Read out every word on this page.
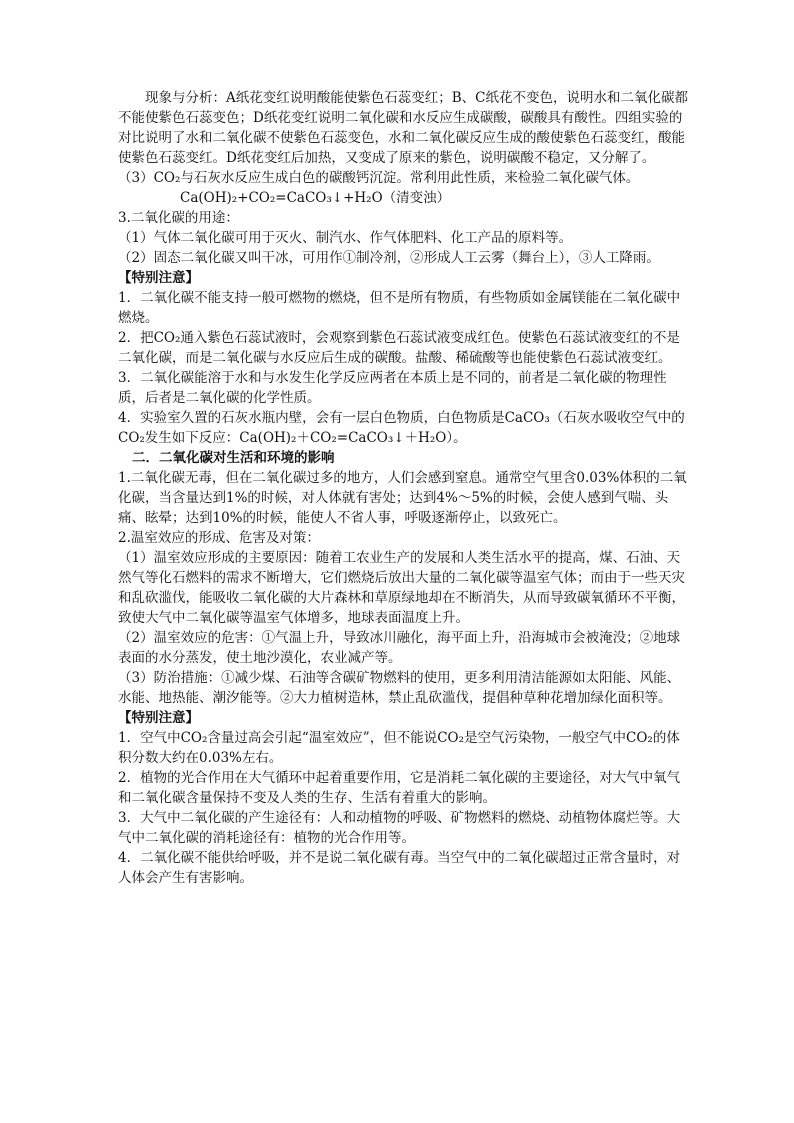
现象与分析：A纸花变红说明酸能使紫色石蕊变红；B、C纸花不变色，说明水和二氧化碳都不能使紫色石蕊变色；D纸花变红说明二氧化碳和水反应生成碳酸，碳酸具有酸性。四组实验的对比说明了水和二氧化碳不使紫色石蕊变色，水和二氧化碳反应生成的酸使紫色石蕊变红，酸能使紫色石蕊变红。D纸花变红后加热，又变成了原来的紫色，说明碳酸不稳定，又分解了。

（3）CO₂与石灰水反应生成白色的碳酸钙沉淀。常利用此性质，来检验二氧化碳气体。

Ca(OH)₂+CO₂=CaCO₃↓+H₂O（清变浊）

3.二氧化碳的用途：

（1）气体二氧化碳可用于灭火、制汽水、作气体肥料、化工产品的原料等。

（2）固态二氧化碳又叫干冰，可用作①制冷剂，②形成人工云雾（舞台上），③人工降雨。

【特别注意】

1．二氧化碳不能支持一般可燃物的燃烧，但不是所有物质，有些物质如金属镁能在二氧化碳中燃烧。

2．把CO₂通入紫色石蕊试液时，会观察到紫色石蕊试液变成红色。使紫色石蕊试液变红的不是二氧化碳，而是二氧化碳与水反应后生成的碳酸。盐酸、稀硫酸等也能使紫色石蕊试液变红。

3．二氧化碳能溶于水和与水发生化学反应两者在本质上是不同的，前者是二氧化碳的物理性质，后者是二氧化碳的化学性质。

4．实验室久置的石灰水瓶内壁，会有一层白色物质，白色物质是CaCO₃（石灰水吸收空气中的CO₂发生如下反应：Ca(OH)₂＋CO₂=CaCO₃↓＋H₂O）。

二．二氧化碳对生活和环境的影响

1.二氧化碳无毒，但在二氧化碳过多的地方，人们会感到窒息。通常空气里含0.03%体积的二氧化碳，当含量达到1%的时候，对人体就有害处；达到4%～5%的时候，会使人感到气喘、头痛、眩晕；达到10%的时候，能使人不省人事，呼吸逐渐停止，以致死亡。

2.温室效应的形成、危害及对策：

（1）温室效应形成的主要原因：随着工农业生产的发展和人类生活水平的提高，煤、石油、天然气等化石燃料的需求不断增大，它们燃烧后放出大量的二氧化碳等温室气体；而由于一些天灾和乱砍滥伐，能吸收二氧化碳的大片森林和草原绿地却在不断消失，从而导致碳氧循环不平衡，致使大气中二氧化碳等温室气体增多，地球表面温度上升。

（2）温室效应的危害：①气温上升，导致冰川融化，海平面上升，沿海城市会被淹没；②地球表面的水分蒸发，使土地沙漠化，农业减产等。

（3）防治措施：①减少煤、石油等含碳矿物燃料的使用，更多利用清洁能源如太阳能、风能、水能、地热能、潮汐能等。②大力植树造林，禁止乱砍滥伐，提倡种草种花增加绿化面积等。

【特别注意】

1．空气中CO₂含量过高会引起“温室效应”，但不能说CO₂是空气污染物，一般空气中CO₂的体积分数大约在0.03%左右。

2．植物的光合作用在大气循环中起着重要作用，它是消耗二氧化碳的主要途径，对大气中氧气和二氧化碳含量保持不变及人类的生存、生活有着重大的影响。

3．大气中二氧化碳的产生途径有：人和动植物的呼吸、矿物燃料的燃烧、动植物体腐烂等。大气中二氧化碳的消耗途径有：植物的光合作用等。

4．二氧化碳不能供给呼吸，并不是说二氧化碳有毒。当空气中的二氧化碳超过正常含量时，对人体会产生有害影响。
